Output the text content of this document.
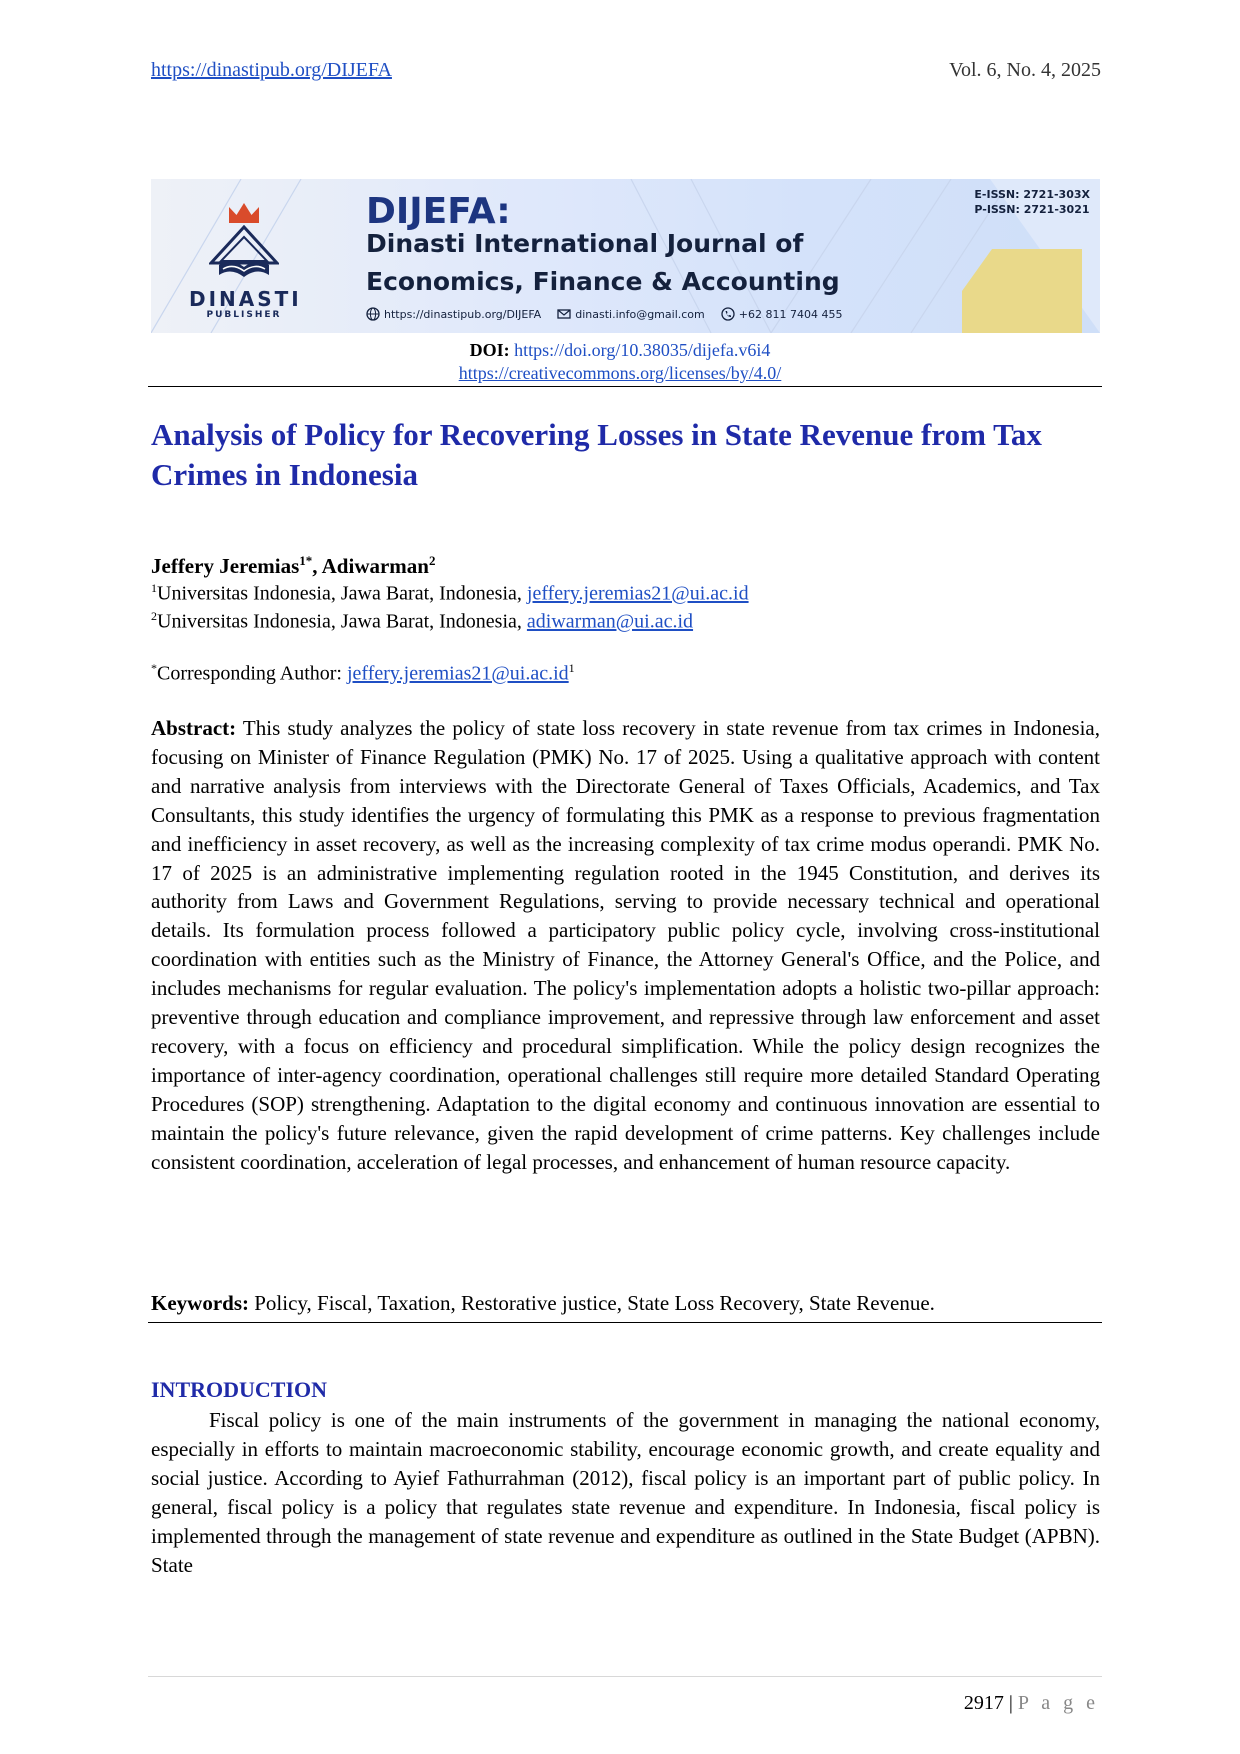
https://dinastipub.org/DIJEFA	Vol. 6, No. 4, 2025
DINASTI
PUBLISHER
DIJEFA:
Dinasti International Journal of
Economics, Finance & Accounting
https://dinastipub.org/DIJEFA	dinasti.info@gmail.com	+62 811 7404 455
E-ISSN: 2721-303X
P-ISSN: 2721-3021
DOI: https://doi.org/10.38035/dijefa.v6i4
https://creativecommons.org/licenses/by/4.0/
Analysis of Policy for Recovering Losses in State Revenue from Tax Crimes in Indonesia
Jeffery Jeremias$^{1*}$, Adiwarman$^2$
$^1$Universitas Indonesia, Jawa Barat, Indonesia, jeffery.jeremias21@ui.ac.id
$^2$Universitas Indonesia, Jawa Barat, Indonesia, adiwarman@ui.ac.id
*Corresponding Author: $jeffery.jeremias21@ui.ac.id^1$

Abstract: This study analyzes the policy of state loss recovery in state revenue from tax crimes in Indonesia, focusing on Minister of Finance Regulation (PMK) No. 17 of 2025. Using a qualitative approach with content and narrative analysis from interviews with the Directorate General of Taxes Officials, Academics, and Tax Consultants, this study identifies the urgency of formulating this PMK as a response to previous fragmentation and inefficiency in asset recovery, as well as the increasing complexity of tax crime modus operandi. PMK No. 17 of 2025 is an administrative implementing regulation rooted in the 1945 Constitution, and derives its authority from Laws and Government Regulations, serving to provide necessary technical and operational details. Its formulation process followed a participatory public policy cycle, involving cross-institutional coordination with entities such as the Ministry of Finance, the Attorney General's Office, and the Police, and includes mechanisms for regular evaluation. The policy's implementation adopts a holistic two-pillar approach: preventive through education and compliance improvement, and repressive through law enforcement and asset recovery, with a focus on efficiency and procedural simplification. While the policy design recognizes the importance of inter-agency coordination, operational challenges still require more detailed Standard Operating Procedures (SOP) strengthening. Adaptation to the digital economy and continuous innovation are essential to maintain the policy's future relevance, given the rapid development of crime patterns. Key challenges include consistent coordination, acceleration of legal processes, and enhancement of human resource capacity.

Keywords: Policy, Fiscal, Taxation, Restorative justice, State Loss Recovery, State Revenue.
INTRODUCTION

Fiscal policy is one of the main instruments of the government in managing the national economy, especially in efforts to maintain macroeconomic stability, encourage economic growth, and create equality and social justice. According to Ayief Fathurrahman (2012), fiscal policy is an important part of public policy. In general, fiscal policy is a policy that regulates state revenue and expenditure. In Indonesia, fiscal policy is implemented through the management of state revenue and expenditure as outlined in the State Budget (APBN). State

2917 | P a g e
